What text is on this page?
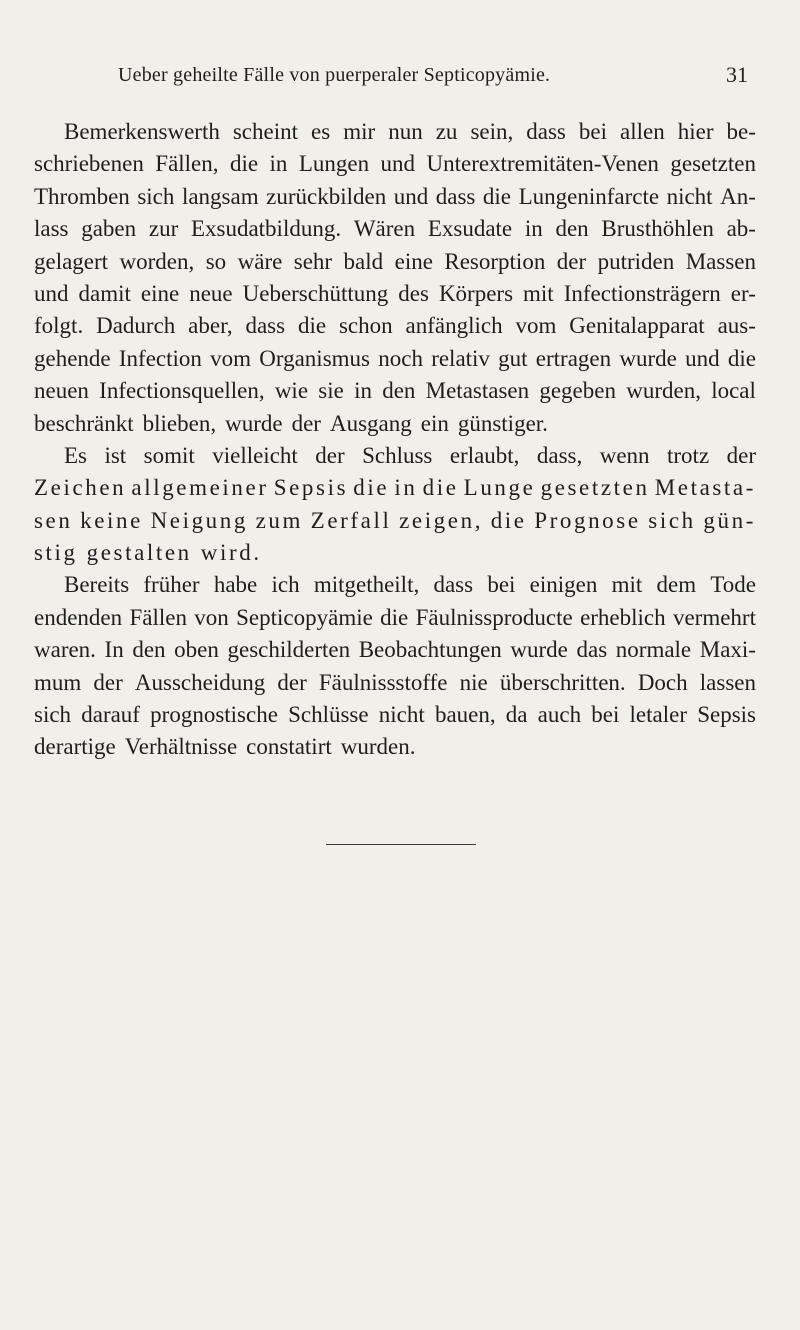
Ueber geheilte Fälle von puerperaler Septicopyämie.	31
Bemerkenswerth scheint es mir nun zu sein, dass bei allen hier be-
schriebenen Fällen, die in Lungen und Unterextremitäten-Venen gesetzten
Thromben sich langsam zurückbilden und dass die Lungeninfarcte nicht An-
lass gaben zur Exsudatbildung. Wären Exsudate in den Brusthöhlen ab-
gelagert worden, so wäre sehr bald eine Resorption der putriden Massen
und damit eine neue Ueberschüttung des Körpers mit Infectionsträgern er-
folgt. Dadurch aber, dass die schon anfänglich vom Genitalapparat aus-
gehende Infection vom Organismus noch relativ gut ertragen wurde und die
neuen Infectionsquellen, wie sie in den Metastasen gegeben wurden, local
beschränkt blieben, wurde der Ausgang ein günstiger.
Es ist somit vielleicht der Schluss erlaubt, dass, wenn trotz der
Zeichen allgemeiner Sepsis die in die Lunge gesetzten Metasta-
sen keine Neigung zum Zerfall zeigen, die Prognose sich gün-
stig gestalten wird.
Bereits früher habe ich mitgetheilt, dass bei einigen mit dem Tode
endenden Fällen von Septicopyämie die Fäulnissproducte erheblich vermehrt
waren. In den oben geschilderten Beobachtungen wurde das normale Maxi-
mum der Ausscheidung der Fäulnissstoffe nie überschritten. Doch lassen
sich darauf prognostische Schlüsse nicht bauen, da auch bei letaler Sepsis
derartige Verhältnisse constatirt wurden.
